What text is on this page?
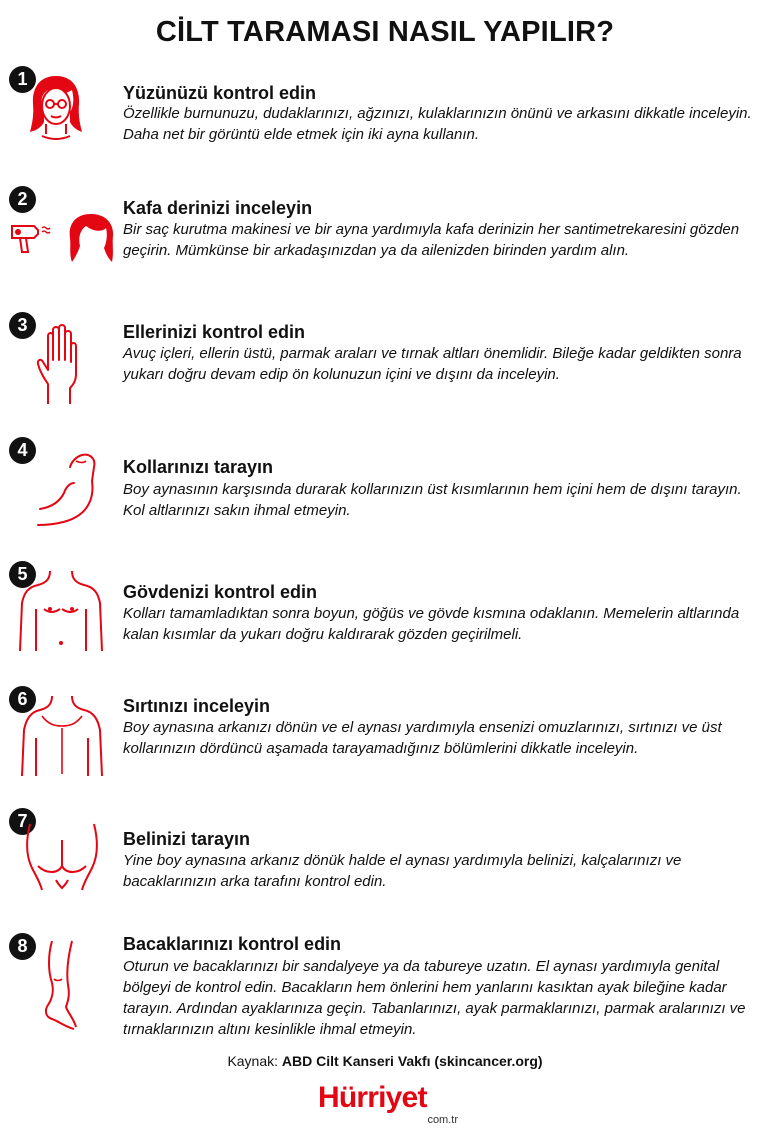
CİLT TARAMASI NASIL YAPILIR?
1
Yüzünüzü kontrol edin
Özellikle burnunuzu, dudaklarınızı, ağzınızı, kulaklarınızın önünü ve arkasını dikkatle inceleyin. Daha net bir görüntü elde etmek için iki ayna kullanın.
2	Kafa derinizi inceleyin
Bir saç kurutma makinesi ve bir ayna yardımıyla kafa derinizin her santimetrekaresini gözden geçirin. Mümkünse bir arkadaşınızdan ya da ailenizden birinden yardım alın.
3	Ellerinizi kontrol edin
Avuç içleri, ellerin üstü, parmak araları ve tırnak altları önemlidir. Bileğe kadar geldikten sonra yukarı doğru devam edip ön kolunuzun içini ve dışını da inceleyin.
4
Kollarınızı tarayın
Boy aynasının karşısında durarak kollarınızın üst kısımlarının hem içini hem de dışını tarayın. Kol altlarınızı sakın ihmal etmeyin.
5
Gövdenizi kontrol edin
Kolları tamamladıktan sonra boyun, göğüs ve gövde kısmına odaklanın. Memelerin altlarında kalan kısımlar da yukarı doğru kaldırarak gözden geçirilmeli.
6	Sırtınızı inceleyin
Boy aynasına arkanızı dönün ve el aynası yardımıyla ensenizi omuzlarınızı, sırtınızı ve üst kollarınızın dördüncü aşamada tarayamadığınız bölümlerini dikkatle inceleyin.
7
Belinizi tarayın
Yine boy aynasına arkanız dönük halde el aynası yardımıyla belinizi, kalçalarınızı ve bacaklarınızın arka tarafını kontrol edin.
8	Bacaklarınızı kontrol edin
Oturun ve bacaklarınızı bir sandalyeye ya da tabureye uzatın. El aynası yardımıyla genital bölgeyi de kontrol edin. Bacakların hem önlerini hem yanlarını kasıktan ayak bileğine kadar tarayın. Ardından ayaklarınıza geçin. Tabanlarınızı, ayak parmaklarınızı, parmak aralarınızı ve tırnaklarınızın altını kesinlikle ihmal etmeyin.
Kaynak: ABD Cilt Kanseri Vakfı (skincancer.org)
Hürriyet
com.tr
